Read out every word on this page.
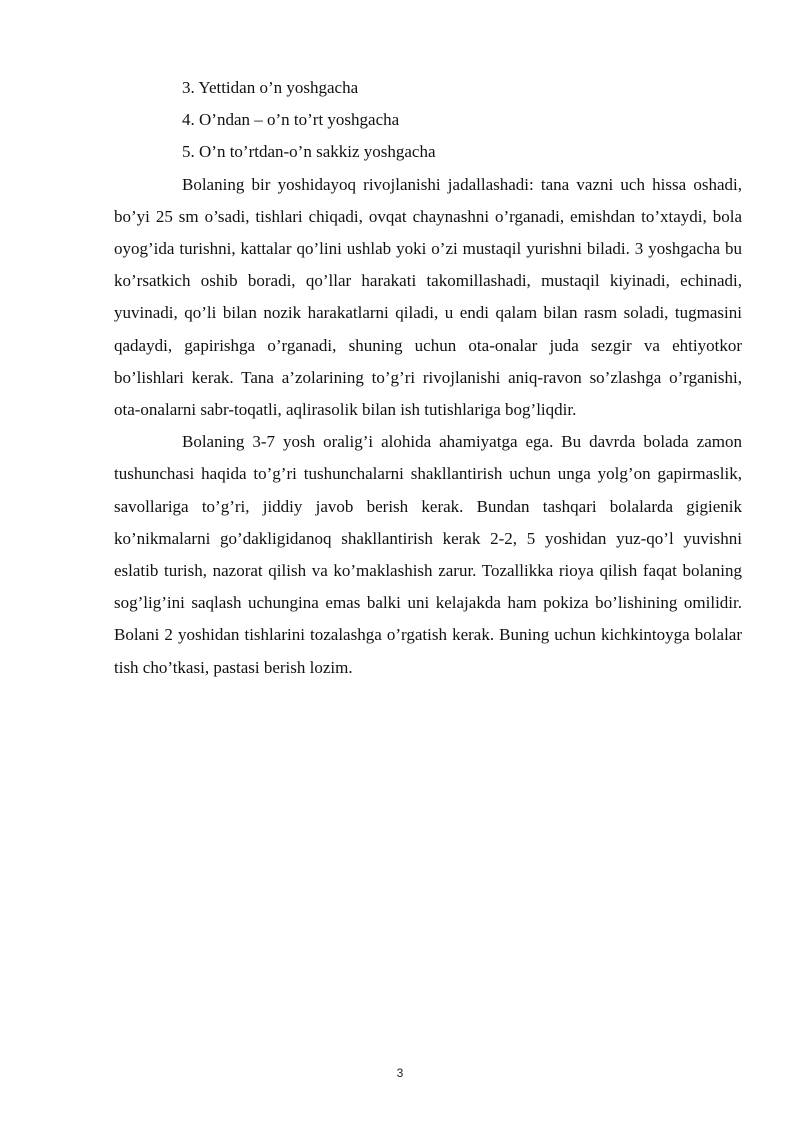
3. Yettidan o’n yoshgacha

4. O’ndan – o’n to’rt yoshgacha

5. O’n to’rtdan-o’n sakkiz yoshgacha

Bolaning bir yoshidayoq rivojlanishi jadallashadi: tana vazni uch hissa oshadi, bo’yi 25 sm o’sadi, tishlari chiqadi, ovqat chaynashni o’rganadi, emishdan to’xtaydi, bola oyog’ida turishni, kattalar qo’lini ushlab yoki o’zi mustaqil yurishni biladi. 3 yoshgacha bu ko’rsatkich oshib boradi, qo’llar harakati takomillashadi, mustaqil kiyinadi, echinadi, yuvinadi, qo’li bilan nozik harakatlarni qiladi, u endi qalam bilan rasm soladi, tugmasini qadaydi, gapirishga o’rganadi, shuning uchun ota-onalar juda sezgir va ehtiyotkor bo’lishlari kerak. Tana a’zolarining to’g’ri rivojlanishi aniq-ravon so’zlashga o’rganishi, ota-onalarni sabr-toqatli, aqlirasolik bilan ish tutishlariga bog’liqdir.

Bolaning 3-7 yosh oralig’i alohida ahamiyatga ega. Bu davrda bolada zamon tushunchasi haqida to’g’ri tushunchalarni shakllantirish uchun unga yolg’on gapirmaslik, savollariga to’g’ri, jiddiy javob berish kerak. Bundan tashqari bolalarda gigienik ko’nikmalarni go’dakligidanoq shakllantirish kerak 2-2, 5 yoshidan yuz-qo’l yuvishni eslatib turish, nazorat qilish va ko’maklashish zarur. Tozallikka rioya qilish faqat bolaning sog’lig’ini saqlash uchungina emas balki uni kelajakda ham pokiza bo’lishining omilidir. Bolani 2 yoshidan tishlarini tozalashga o’rgatish kerak. Buning uchun kichkintoyga bolalar tish cho’tkasi, pastasi berish lozim.

3
